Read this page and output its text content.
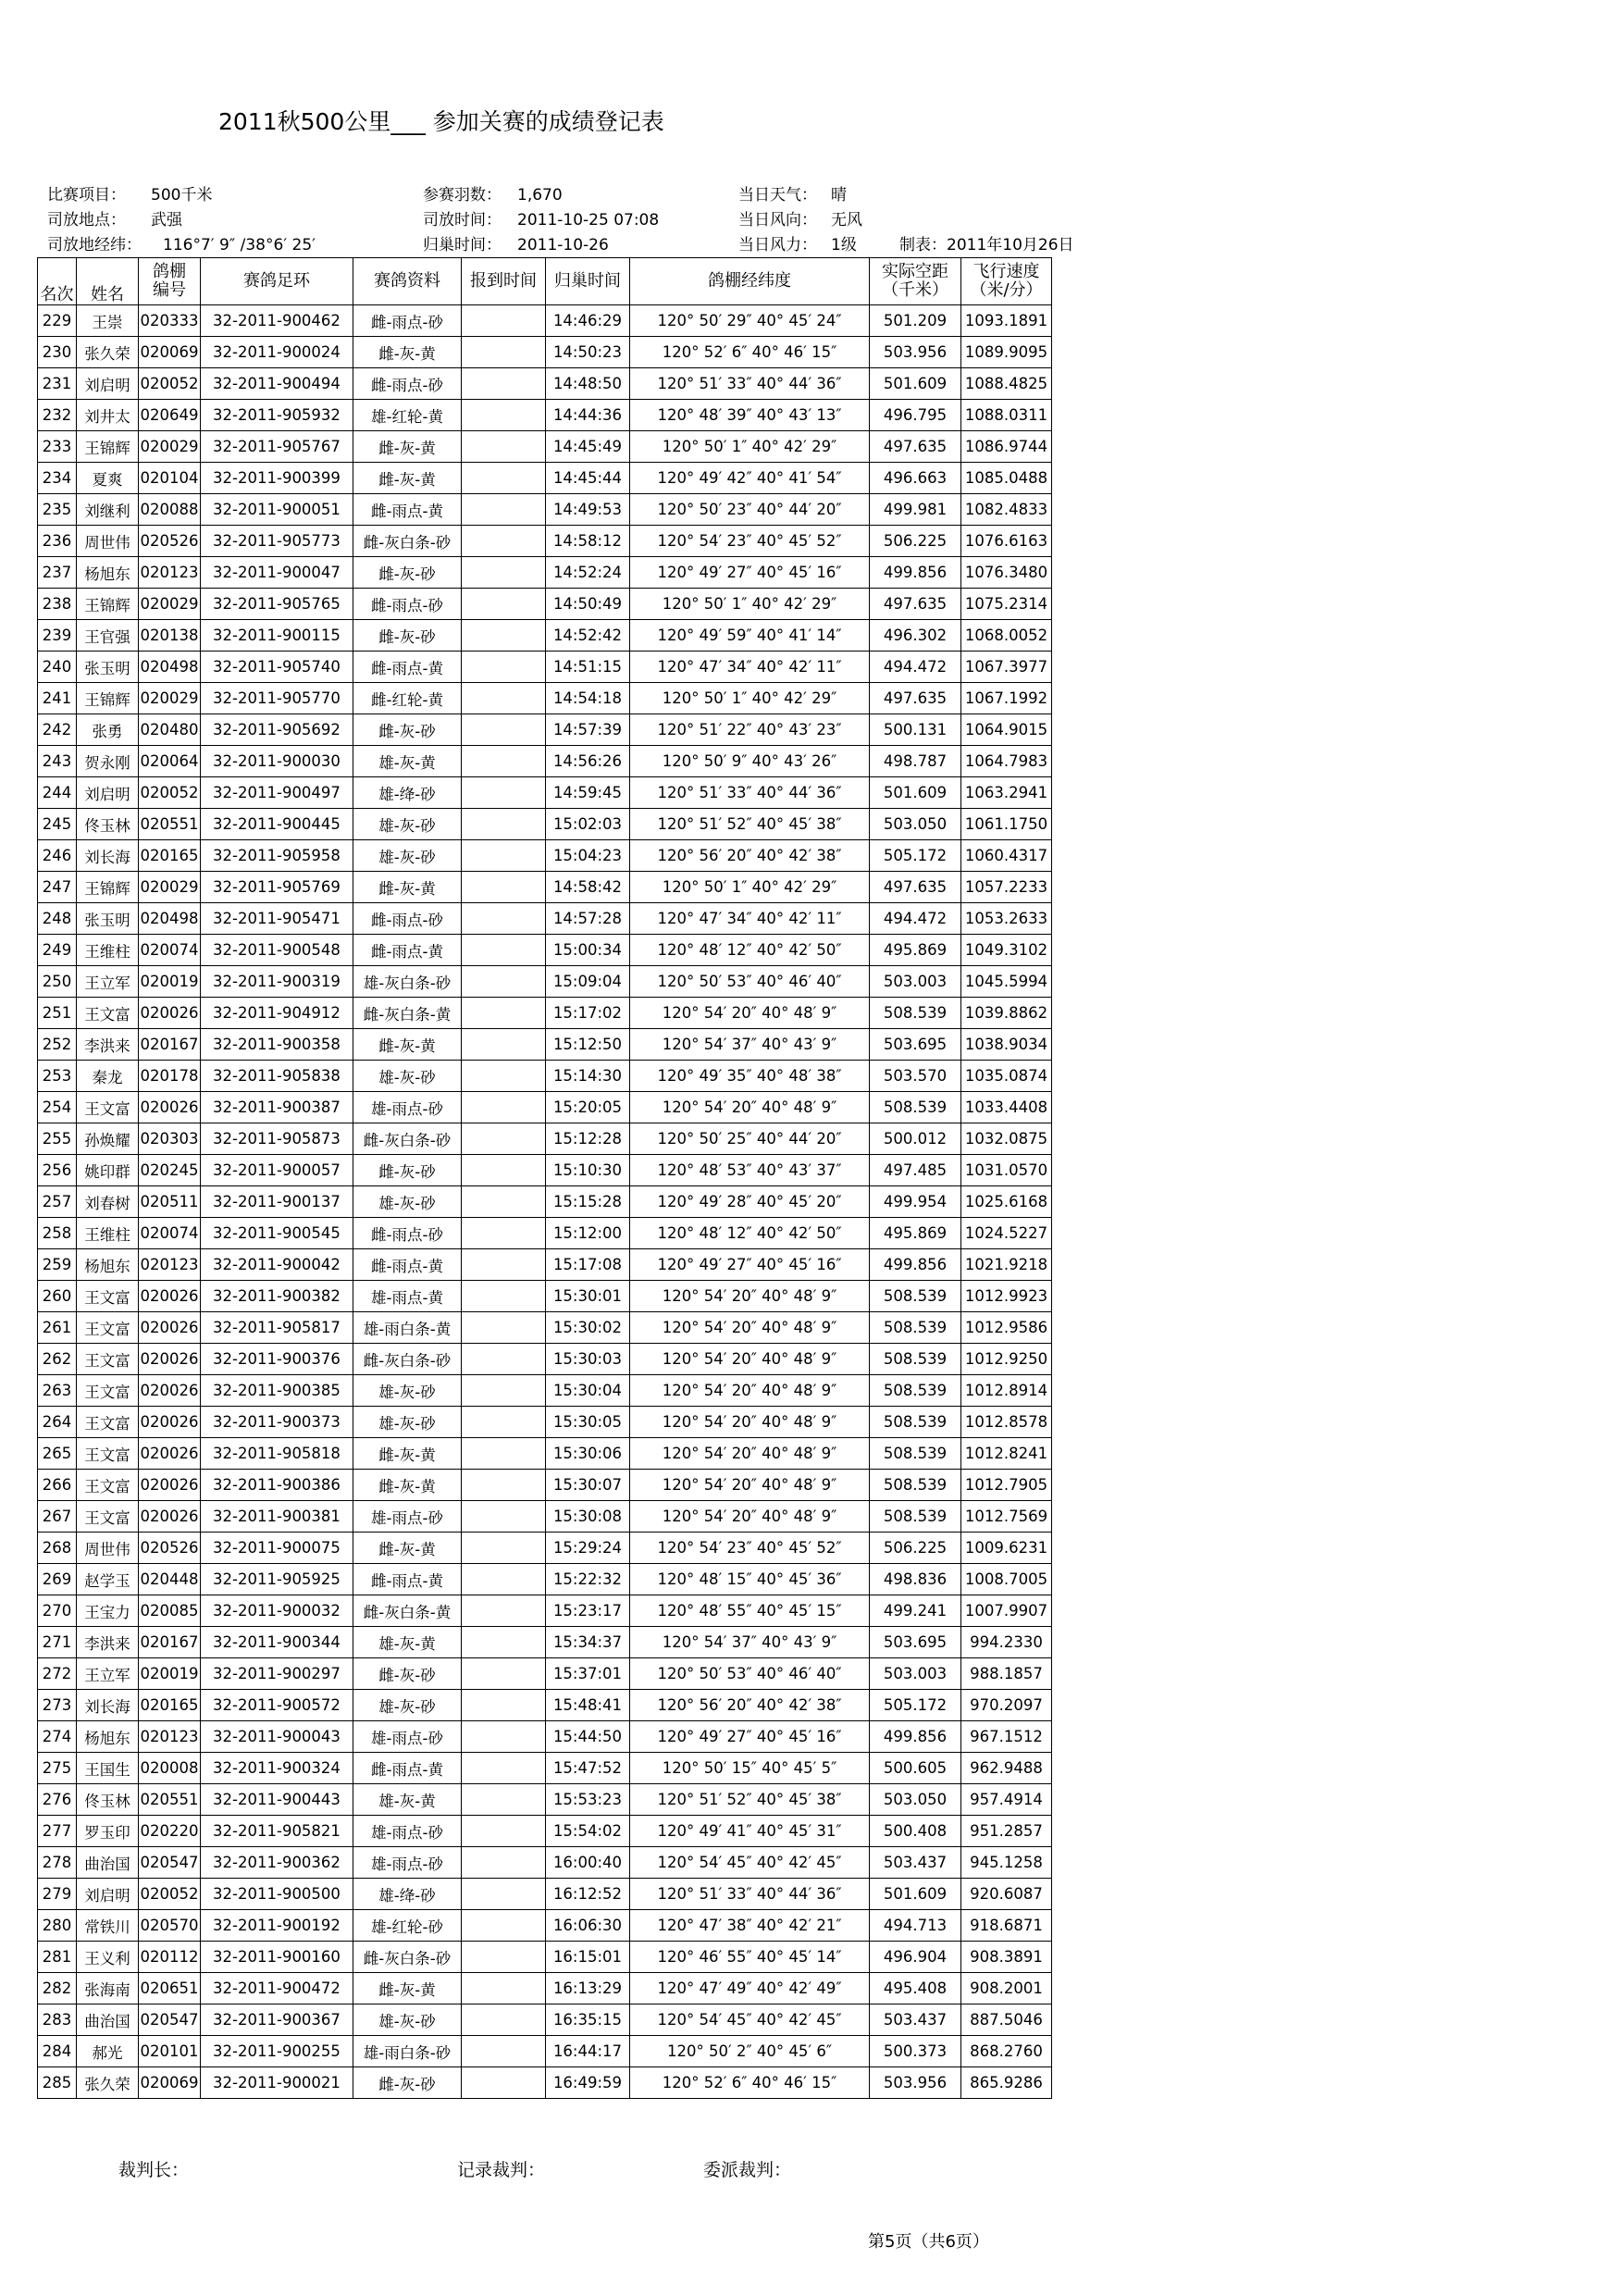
2011秋500公里___ 参加关赛的成绩登记表
比赛项目： 500千米
司放地点： 武强
司放地经纬： 116°7′ 9″ /38°6′ 25′
参赛羽数： 1,670
司放时间： 2011-10-25 07:08
归巢时间： 2011-10-26
当日天气： 晴
当日风向： 无风
当日风力： 1级	制表：2011年10月26日
名次	姓名	鸽棚编号	赛鸽足环	赛鸽资料	报到时间	归巢时间	鸽棚经纬度	实际空距（千米）	飞行速度（米/分）
229	王崇	020333	32-2011-900462	雌-雨点-砂		14:46:29	120° 50′ 29″ 40° 45′ 24″	501.209	1093.1891
230	张久荣	020069	32-2011-900024	雌-灰-黄		14:50:23	120° 52′ 6″ 40° 46′ 15″	503.956	1089.9095
231	刘启明	020052	32-2011-900494	雌-雨点-砂		14:48:50	120° 51′ 33″ 40° 44′ 36″	501.609	1088.4825
232	刘井太	020649	32-2011-905932	雄-红轮-黄		14:44:36	120° 48′ 39″ 40° 43′ 13″	496.795	1088.0311
233	王锦辉	020029	32-2011-905767	雌-灰-黄		14:45:49	120° 50′ 1″ 40° 42′ 29″	497.635	1086.9744
234	夏爽	020104	32-2011-900399	雌-灰-黄		14:45:44	120° 49′ 42″ 40° 41′ 54″	496.663	1085.0488
235	刘继利	020088	32-2011-900051	雌-雨点-黄		14:49:53	120° 50′ 23″ 40° 44′ 20″	499.981	1082.4833
236	周世伟	020526	32-2011-905773	雌-灰白条-砂		14:58:12	120° 54′ 23″ 40° 45′ 52″	506.225	1076.6163
237	杨旭东	020123	32-2011-900047	雌-灰-砂		14:52:24	120° 49′ 27″ 40° 45′ 16″	499.856	1076.3480
238	王锦辉	020029	32-2011-905765	雌-雨点-砂		14:50:49	120° 50′ 1″ 40° 42′ 29″	497.635	1075.2314
239	王官强	020138	32-2011-900115	雌-灰-砂		14:52:42	120° 49′ 59″ 40° 41′ 14″	496.302	1068.0052
240	张玉明	020498	32-2011-905740	雌-雨点-黄		14:51:15	120° 47′ 34″ 40° 42′ 11″	494.472	1067.3977
241	王锦辉	020029	32-2011-905770	雌-红轮-黄		14:54:18	120° 50′ 1″ 40° 42′ 29″	497.635	1067.1992
242	张勇	020480	32-2011-905692	雌-灰-砂		14:57:39	120° 51′ 22″ 40° 43′ 23″	500.131	1064.9015
243	贺永刚	020064	32-2011-900030	雄-灰-黄		14:56:26	120° 50′ 9″ 40° 43′ 26″	498.787	1064.7983
244	刘启明	020052	32-2011-900497	雄-绛-砂		14:59:45	120° 51′ 33″ 40° 44′ 36″	501.609	1063.2941
245	佟玉林	020551	32-2011-900445	雄-灰-砂		15:02:03	120° 51′ 52″ 40° 45′ 38″	503.050	1061.1750
246	刘长海	020165	32-2011-905958	雄-灰-砂		15:04:23	120° 56′ 20″ 40° 42′ 38″	505.172	1060.4317
247	王锦辉	020029	32-2011-905769	雌-灰-黄		14:58:42	120° 50′ 1″ 40° 42′ 29″	497.635	1057.2233
248	张玉明	020498	32-2011-905471	雌-雨点-砂		14:57:28	120° 47′ 34″ 40° 42′ 11″	494.472	1053.2633
249	王维柱	020074	32-2011-900548	雌-雨点-黄		15:00:34	120° 48′ 12″ 40° 42′ 50″	495.869	1049.3102
250	王立军	020019	32-2011-900319	雄-灰白条-砂		15:09:04	120° 50′ 53″ 40° 46′ 40″	503.003	1045.5994
251	王文富	020026	32-2011-904912	雌-灰白条-黄		15:17:02	120° 54′ 20″ 40° 48′ 9″	508.539	1039.8862
252	李洪来	020167	32-2011-900358	雌-灰-黄		15:12:50	120° 54′ 37″ 40° 43′ 9″	503.695	1038.9034
253	秦龙	020178	32-2011-905838	雄-灰-砂		15:14:30	120° 49′ 35″ 40° 48′ 38″	503.570	1035.0874
254	王文富	020026	32-2011-900387	雄-雨点-砂		15:20:05	120° 54′ 20″ 40° 48′ 9″	508.539	1033.4408
255	孙焕耀	020303	32-2011-905873	雌-灰白条-砂		15:12:28	120° 50′ 25″ 40° 44′ 20″	500.012	1032.0875
256	姚印群	020245	32-2011-900057	雌-灰-砂		15:10:30	120° 48′ 53″ 40° 43′ 37″	497.485	1031.0570
257	刘春树	020511	32-2011-900137	雄-灰-砂		15:15:28	120° 49′ 28″ 40° 45′ 20″	499.954	1025.6168
258	王维柱	020074	32-2011-900545	雌-雨点-砂		15:12:00	120° 48′ 12″ 40° 42′ 50″	495.869	1024.5227
259	杨旭东	020123	32-2011-900042	雌-雨点-黄		15:17:08	120° 49′ 27″ 40° 45′ 16″	499.856	1021.9218
260	王文富	020026	32-2011-900382	雄-雨点-黄		15:30:01	120° 54′ 20″ 40° 48′ 9″	508.539	1012.9923
261	王文富	020026	32-2011-905817	雄-雨白条-黄		15:30:02	120° 54′ 20″ 40° 48′ 9″	508.539	1012.9586
262	王文富	020026	32-2011-900376	雌-灰白条-砂		15:30:03	120° 54′ 20″ 40° 48′ 9″	508.539	1012.9250
263	王文富	020026	32-2011-900385	雄-灰-砂		15:30:04	120° 54′ 20″ 40° 48′ 9″	508.539	1012.8914
264	王文富	020026	32-2011-900373	雄-灰-砂		15:30:05	120° 54′ 20″ 40° 48′ 9″	508.539	1012.8578
265	王文富	020026	32-2011-905818	雌-灰-黄		15:30:06	120° 54′ 20″ 40° 48′ 9″	508.539	1012.8241
266	王文富	020026	32-2011-900386	雌-灰-黄		15:30:07	120° 54′ 20″ 40° 48′ 9″	508.539	1012.7905
267	王文富	020026	32-2011-900381	雄-雨点-砂		15:30:08	120° 54′ 20″ 40° 48′ 9″	508.539	1012.7569
268	周世伟	020526	32-2011-900075	雌-灰-黄		15:29:24	120° 54′ 23″ 40° 45′ 52″	506.225	1009.6231
269	赵学玉	020448	32-2011-905925	雌-雨点-黄		15:22:32	120° 48′ 15″ 40° 45′ 36″	498.836	1008.7005
270	王宝力	020085	32-2011-900032	雌-灰白条-黄		15:23:17	120° 48′ 55″ 40° 45′ 15″	499.241	1007.9907
271	李洪来	020167	32-2011-900344	雄-灰-黄		15:34:37	120° 54′ 37″ 40° 43′ 9″	503.695	994.2330
272	王立军	020019	32-2011-900297	雌-灰-砂		15:37:01	120° 50′ 53″ 40° 46′ 40″	503.003	988.1857
273	刘长海	020165	32-2011-900572	雄-灰-砂		15:48:41	120° 56′ 20″ 40° 42′ 38″	505.172	970.2097
274	杨旭东	020123	32-2011-900043	雄-雨点-砂		15:44:50	120° 49′ 27″ 40° 45′ 16″	499.856	967.1512
275	王国生	020008	32-2011-900324	雌-雨点-黄		15:47:52	120° 50′ 15″ 40° 45′ 5″	500.605	962.9488
276	佟玉林	020551	32-2011-900443	雄-灰-黄		15:53:23	120° 51′ 52″ 40° 45′ 38″	503.050	957.4914
277	罗玉印	020220	32-2011-905821	雄-雨点-砂		15:54:02	120° 49′ 41″ 40° 45′ 31″	500.408	951.2857
278	曲治国	020547	32-2011-900362	雄-雨点-砂		16:00:40	120° 54′ 45″ 40° 42′ 45″	503.437	945.1258
279	刘启明	020052	32-2011-900500	雄-绛-砂		16:12:52	120° 51′ 33″ 40° 44′ 36″	501.609	920.6087
280	常铁川	020570	32-2011-900192	雄-红轮-砂		16:06:30	120° 47′ 38″ 40° 42′ 21″	494.713	918.6871
281	王义利	020112	32-2011-900160	雌-灰白条-砂		16:15:01	120° 46′ 55″ 40° 45′ 14″	496.904	908.3891
282	张海南	020651	32-2011-900472	雌-灰-黄		16:13:29	120° 47′ 49″ 40° 42′ 49″	495.408	908.2001
283	曲治国	020547	32-2011-900367	雄-灰-砂		16:35:15	120° 54′ 45″ 40° 42′ 45″	503.437	887.5046
284	郝光	020101	32-2011-900255	雄-雨白条-砂		16:44:17	120° 50′ 2″ 40° 45′ 6″	500.373	868.2760
285	张久荣	020069	32-2011-900021	雌-灰-砂		16:49:59	120° 52′ 6″ 40° 46′ 15″	503.956	865.9286
裁判长：	记录裁判：	委派裁判：
第5页（共6页）
